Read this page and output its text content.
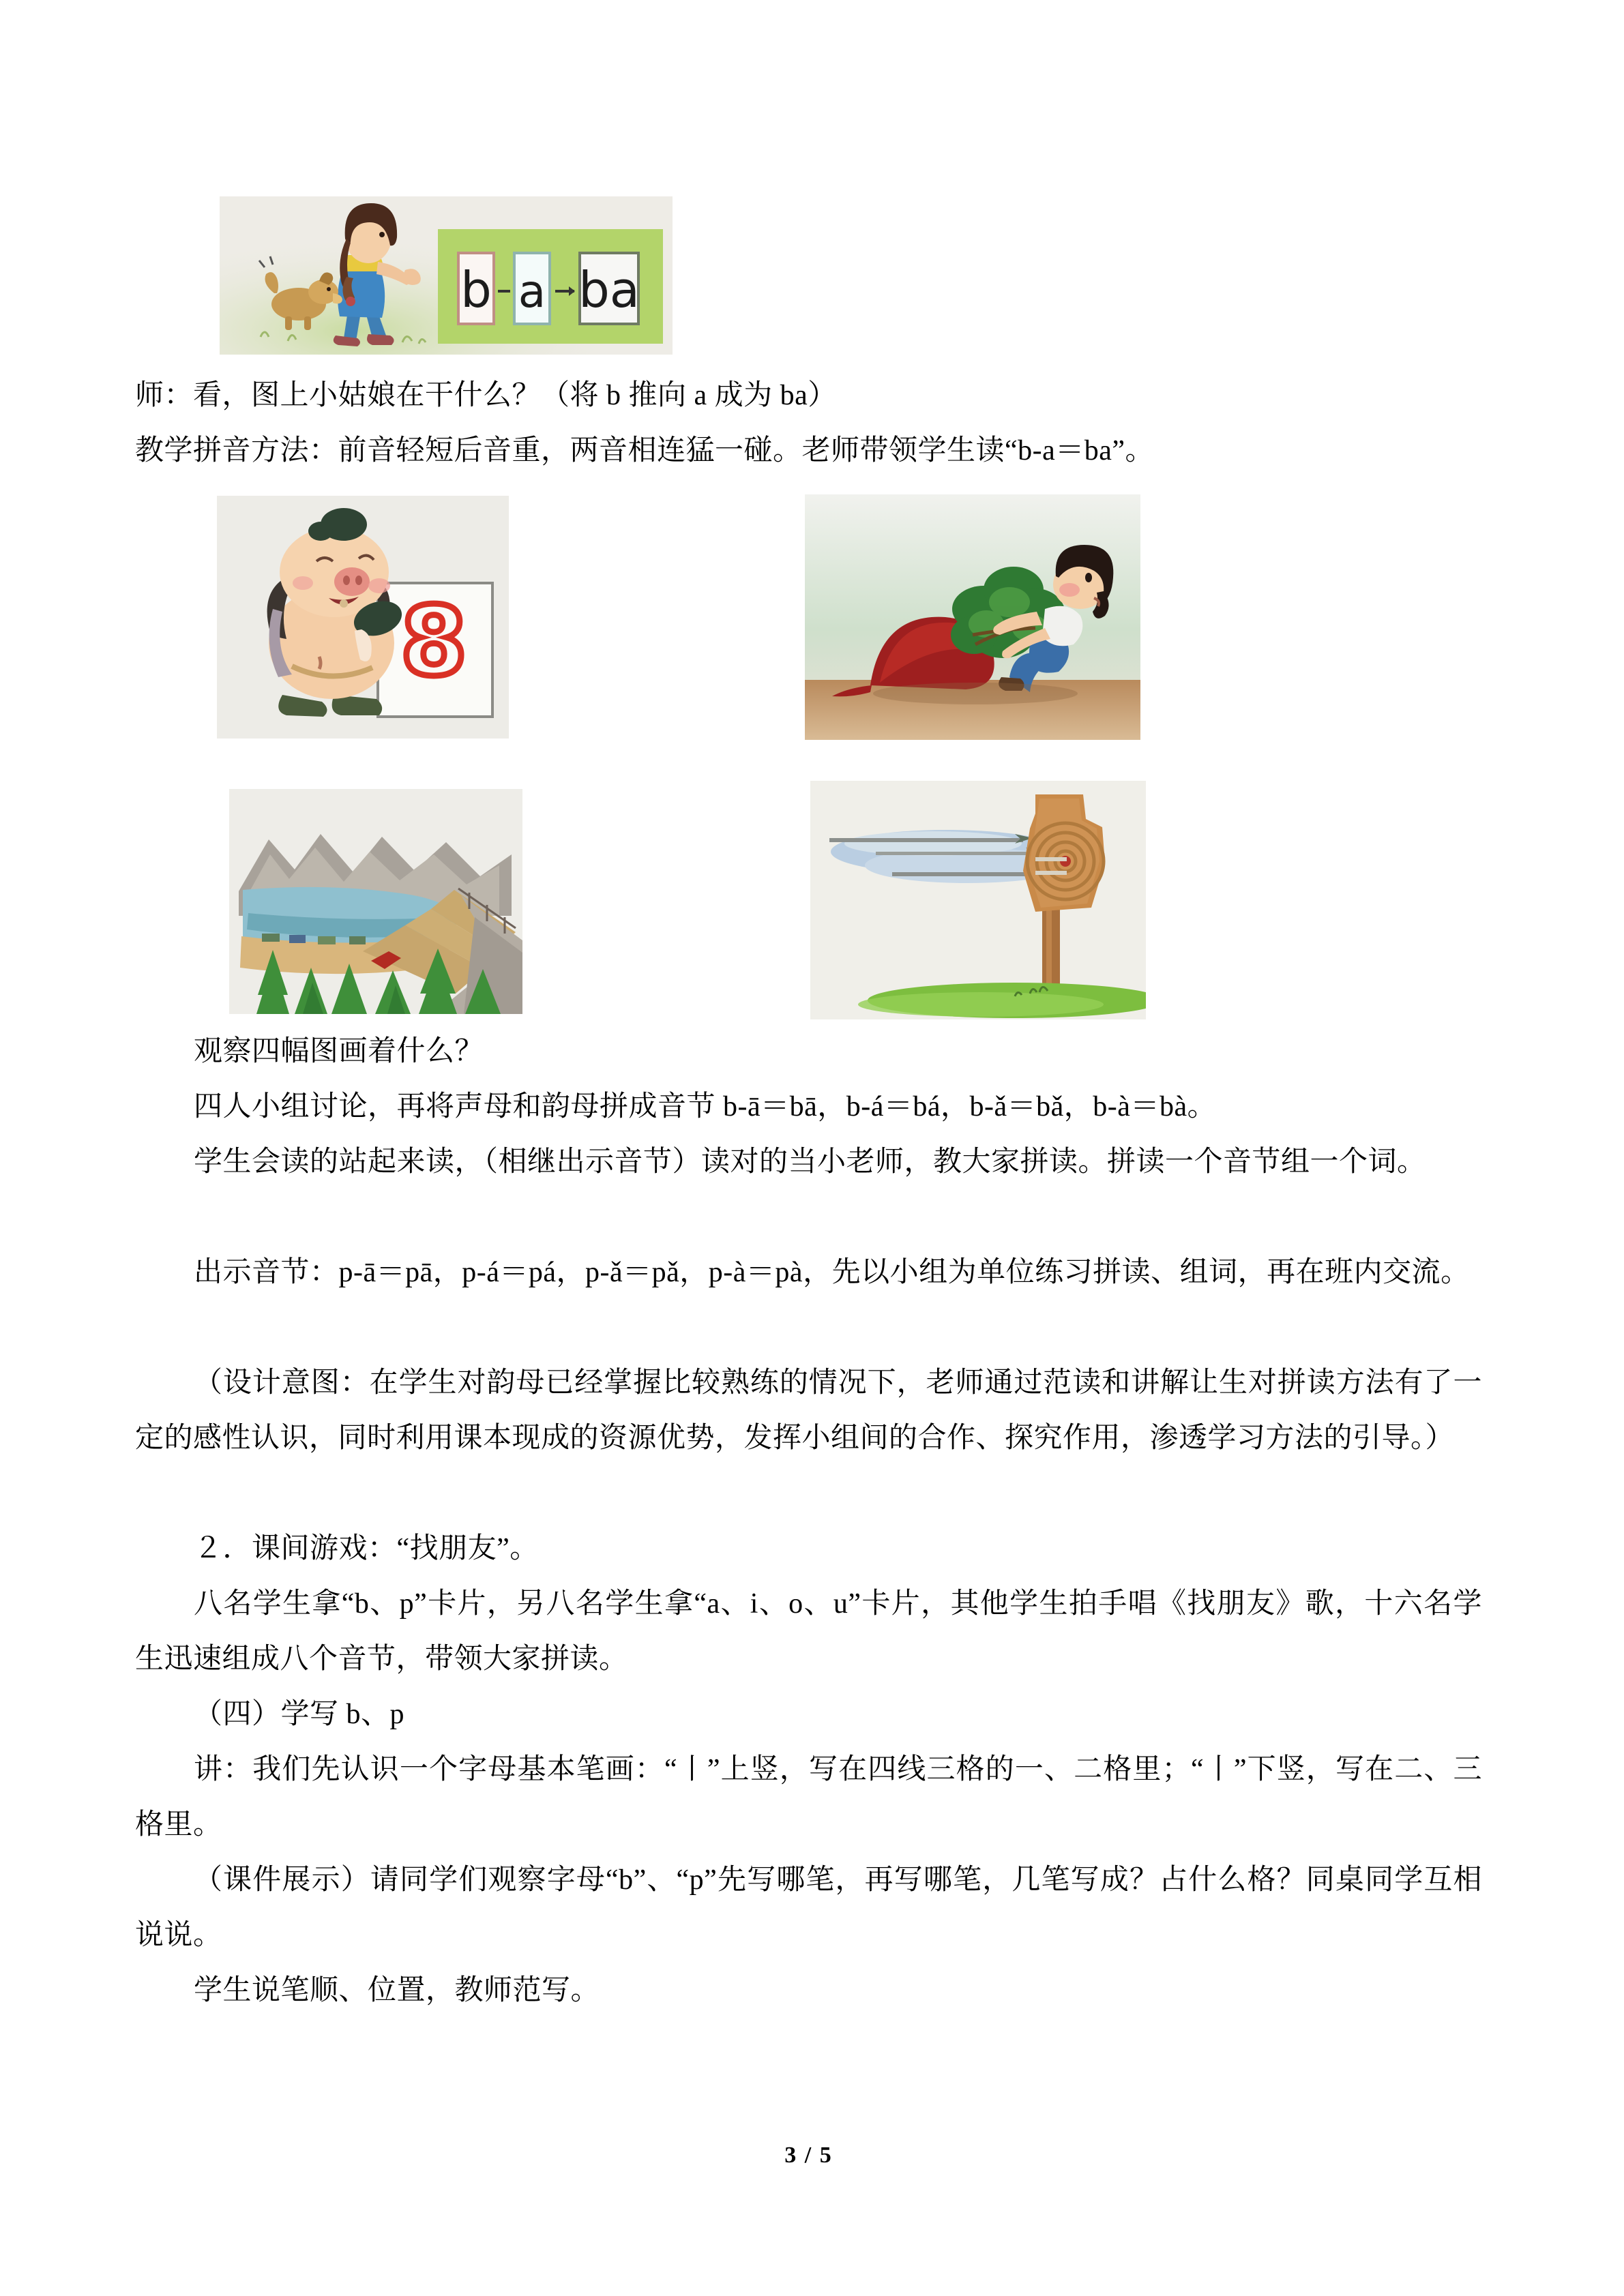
b a ba
8
师：看，图上小姑娘在干什么？（将 b 推向 a 成为 ba）
教学拼音方法：前音轻短后音重，两音相连猛一碰。老师带领学生读“b-a＝ba”。
观察四幅图画着什么？
四人小组讨论，再将声母和韵母拼成音节 b-ā＝bā，b-á＝bá，b-ǎ＝bǎ，b-à＝bà。
学生会读的站起来读，（相继出示音节）读对的当小老师，教大家拼读。拼读一个音节组一个词。
出示音节：p-ā＝pā，p-á＝pá，p-ǎ＝pǎ，p-à＝pà，先以小组为单位练习拼读、组词，再在班内交流。
（设计意图：在学生对韵母已经掌握比较熟练的情况下，老师通过范读和讲解让生对拼读方法有了一定的感性认识，同时利用课本现成的资源优势，发挥小组间的合作、探究作用，渗透学习方法的引导。）
２．课间游戏：“找朋友”。
八名学生拿“b、p”卡片，另八名学生拿“a、i、o、u”卡片，其他学生拍手唱《找朋友》歌，十六名学生迅速组成八个音节，带领大家拼读。
（四）学写 b、p
讲：我们先认识一个字母基本笔画：“丨”上竖，写在四线三格的一、二格里；“丨”下竖，写在二、三格里。
（课件展示）请同学们观察字母“b”、“p”先写哪笔，再写哪笔，几笔写成？占什么格？同桌同学互相说说。
学生说笔顺、位置，教师范写。
3 / 5
